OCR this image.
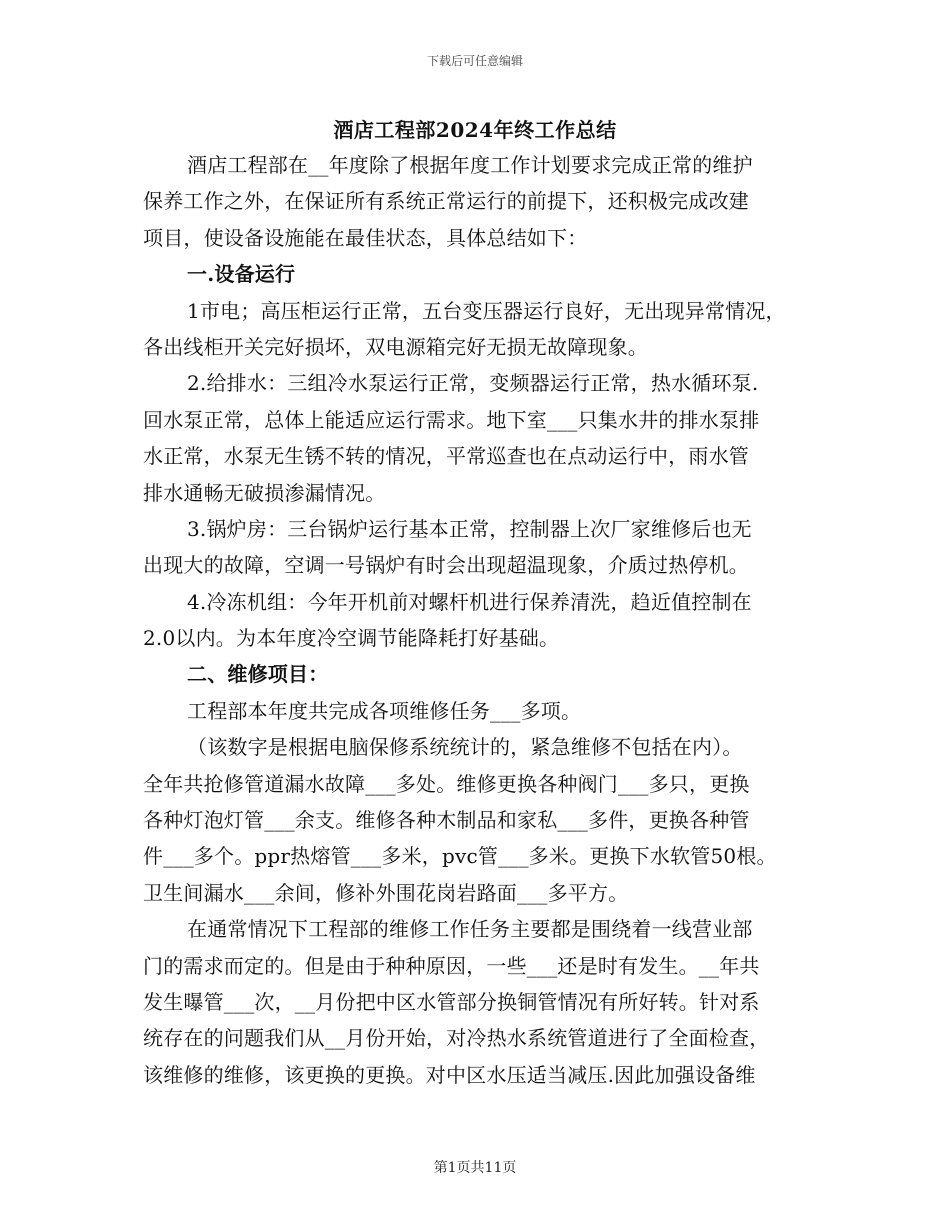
下载后可任意编辑
酒店工程部2024年终工作总结
酒店工程部在__年度除了根据年度工作计划要求完成正常的维护
保养工作之外，在保证所有系统正常运行的前提下，还积极完成改建
项目，使设备设施能在最佳状态，具体总结如下：
一.设备运行
1市电；高压柜运行正常，五台变压器运行良好，无出现异常情况，
各出线柜开关完好损坏，双电源箱完好无损无故障现象。
2.给排水：三组冷水泵运行正常，变频器运行正常，热水循环泵.
回水泵正常，总体上能适应运行需求。地下室___只集水井的排水泵排
水正常，水泵无生锈不转的情况，平常巡查也在点动运行中，雨水管
排水通畅无破损渗漏情况。
3.锅炉房：三台锅炉运行基本正常，控制器上次厂家维修后也无
出现大的故障，空调一号锅炉有时会出现超温现象，介质过热停机。
4.冷冻机组：今年开机前对螺杆机进行保养清洗，趋近值控制在
2.0以内。为本年度冷空调节能降耗打好基础。
二、维修项目：
工程部本年度共完成各项维修任务___多项。
（该数字是根据电脑保修系统统计的，紧急维修不包括在内）。
全年共抢修管道漏水故障___多处。维修更换各种阀门___多只，更换
各种灯泡灯管___余支。维修各种木制品和家私___多件，更换各种管
件___多个。ppr热熔管___多米，pvc管___多米。更换下水软管50根。
卫生间漏水___余间，修补外围花岗岩路面___多平方。
在通常情况下工程部的维修工作任务主要都是围绕着一线营业部
门的需求而定的。但是由于种种原因，一些___还是时有发生。__年共
发生曝管___次，__月份把中区水管部分换铜管情况有所好转。针对系
统存在的问题我们从__月份开始，对冷热水系统管道进行了全面检查，
该维修的维修，该更换的更换。对中区水压适当减压.因此加强设备维
第1页共11页
